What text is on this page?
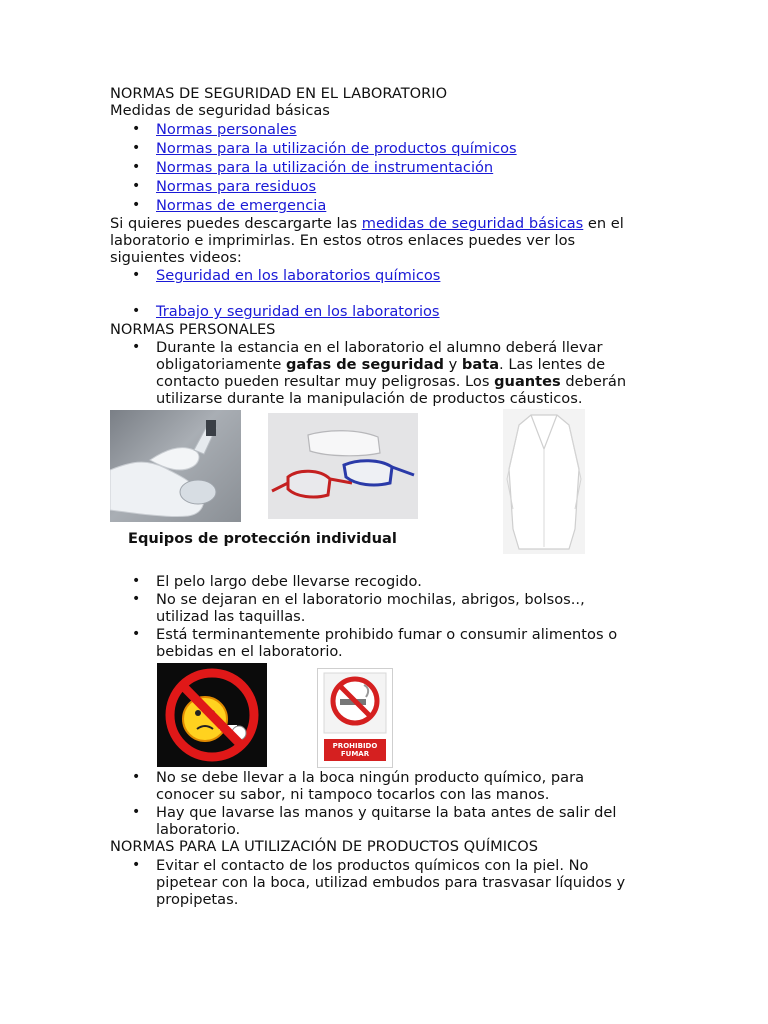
NORMAS DE SEGURIDAD EN EL LABORATORIO
Medidas de seguridad básicas
• Normas personales
• Normas para la utilización de productos químicos
• Normas para la utilización de instrumentación
• Normas para residuos
• Normas de emergencia
Si quieres puedes descargarte las medidas de seguridad básicas en el
laboratorio e imprimirlas. En estos otros enlaces puedes ver los
siguientes videos:
• Seguridad en los laboratorios químicos
• Trabajo y seguridad en los laboratorios
NORMAS PERSONALES
• Durante la estancia en el laboratorio el alumno deberá llevar
obligatoriamente gafas de seguridad y bata. Las lentes de
contacto pueden resultar muy peligrosas. Los guantes deberán
utilizarse durante la manipulación de productos cáusticos.
Equipos de protección individual
• El pelo largo debe llevarse recogido.
• No se dejaran en el laboratorio mochilas, abrigos, bolsos..,
utilizad las taquillas.
• Está terminantemente prohibido fumar o consumir alimentos o
bebidas en el laboratorio.
PROHIBIDO FUMAR
• No se debe llevar a la boca ningún producto químico, para
conocer su sabor, ni tampoco tocarlos con las manos.
• Hay que lavarse las manos y quitarse la bata antes de salir del
laboratorio.
NORMAS PARA LA UTILIZACIÓN DE PRODUCTOS QUÍMICOS
• Evitar el contacto de los productos químicos con la piel. No
pipetear con la boca, utilizad embudos para trasvasar líquidos y
propipetas.
